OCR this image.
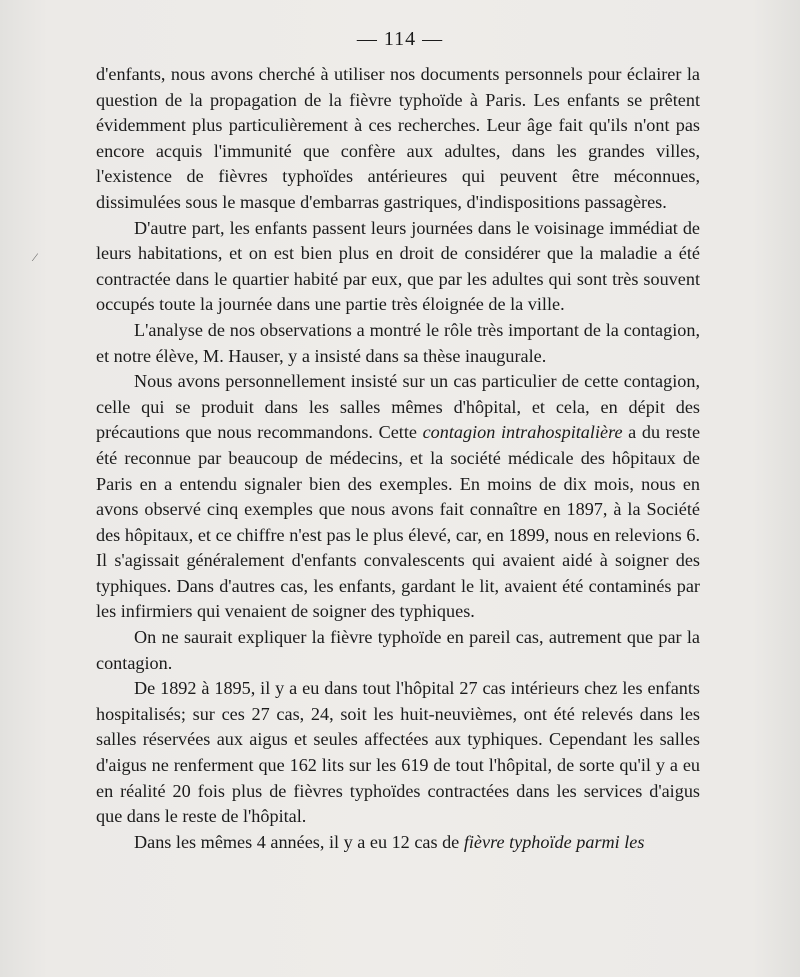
— 114 —
⁄

d'enfants, nous avons cherché à utiliser nos documents personnels pour éclairer la question de la propagation de la fièvre typhoïde à Paris. Les enfants se prêtent évidemment plus particulièrement à ces recherches. Leur âge fait qu'ils n'ont pas encore acquis l'immunité que confère aux adultes, dans les grandes villes, l'existence de fièvres typhoïdes antérieures qui peuvent être méconnues, dissimulées sous le masque d'embarras gastriques, d'indispositions passagères.

D'autre part, les enfants passent leurs journées dans le voisinage immédiat de leurs habitations, et on est bien plus en droit de considérer que la maladie a été contractée dans le quartier habité par eux, que par les adultes qui sont très souvent occupés toute la journée dans une partie très éloignée de la ville.

L'analyse de nos observations a montré le rôle très important de la contagion, et notre élève, M. Hauser, y a insisté dans sa thèse inaugurale.

Nous avons personnellement insisté sur un cas particulier de cette contagion, celle qui se produit dans les salles mêmes d'hôpital, et cela, en dépit des précautions que nous recommandons. Cette contagion intrahospitalière a du reste été reconnue par beaucoup de médecins, et la société médicale des hôpitaux de Paris en a entendu signaler bien des exemples. En moins de dix mois, nous en avons observé cinq exemples que nous avons fait connaître en 1897, à la Société des hôpitaux, et ce chiffre n'est pas le plus élevé, car, en 1899, nous en relevions 6. Il s'agissait généralement d'enfants convalescents qui avaient aidé à soigner des typhiques. Dans d'autres cas, les enfants, gardant le lit, avaient été contaminés par les infirmiers qui venaient de soigner des typhiques.

On ne saurait expliquer la fièvre typhoïde en pareil cas, autrement que par la contagion.

De 1892 à 1895, il y a eu dans tout l'hôpital 27 cas intérieurs chez les enfants hospitalisés; sur ces 27 cas, 24, soit les huit-neuvièmes, ont été relevés dans les salles réservées aux aigus et seules affectées aux typhiques. Cependant les salles d'aigus ne renferment que 162 lits sur les 619 de tout l'hôpital, de sorte qu'il y a eu en réalité 20 fois plus de fièvres typhoïdes contractées dans les services d'aigus que dans le reste de l'hôpital.

Dans les mêmes 4 années, il y a eu 12 cas de fièvre typhoïde parmi les
